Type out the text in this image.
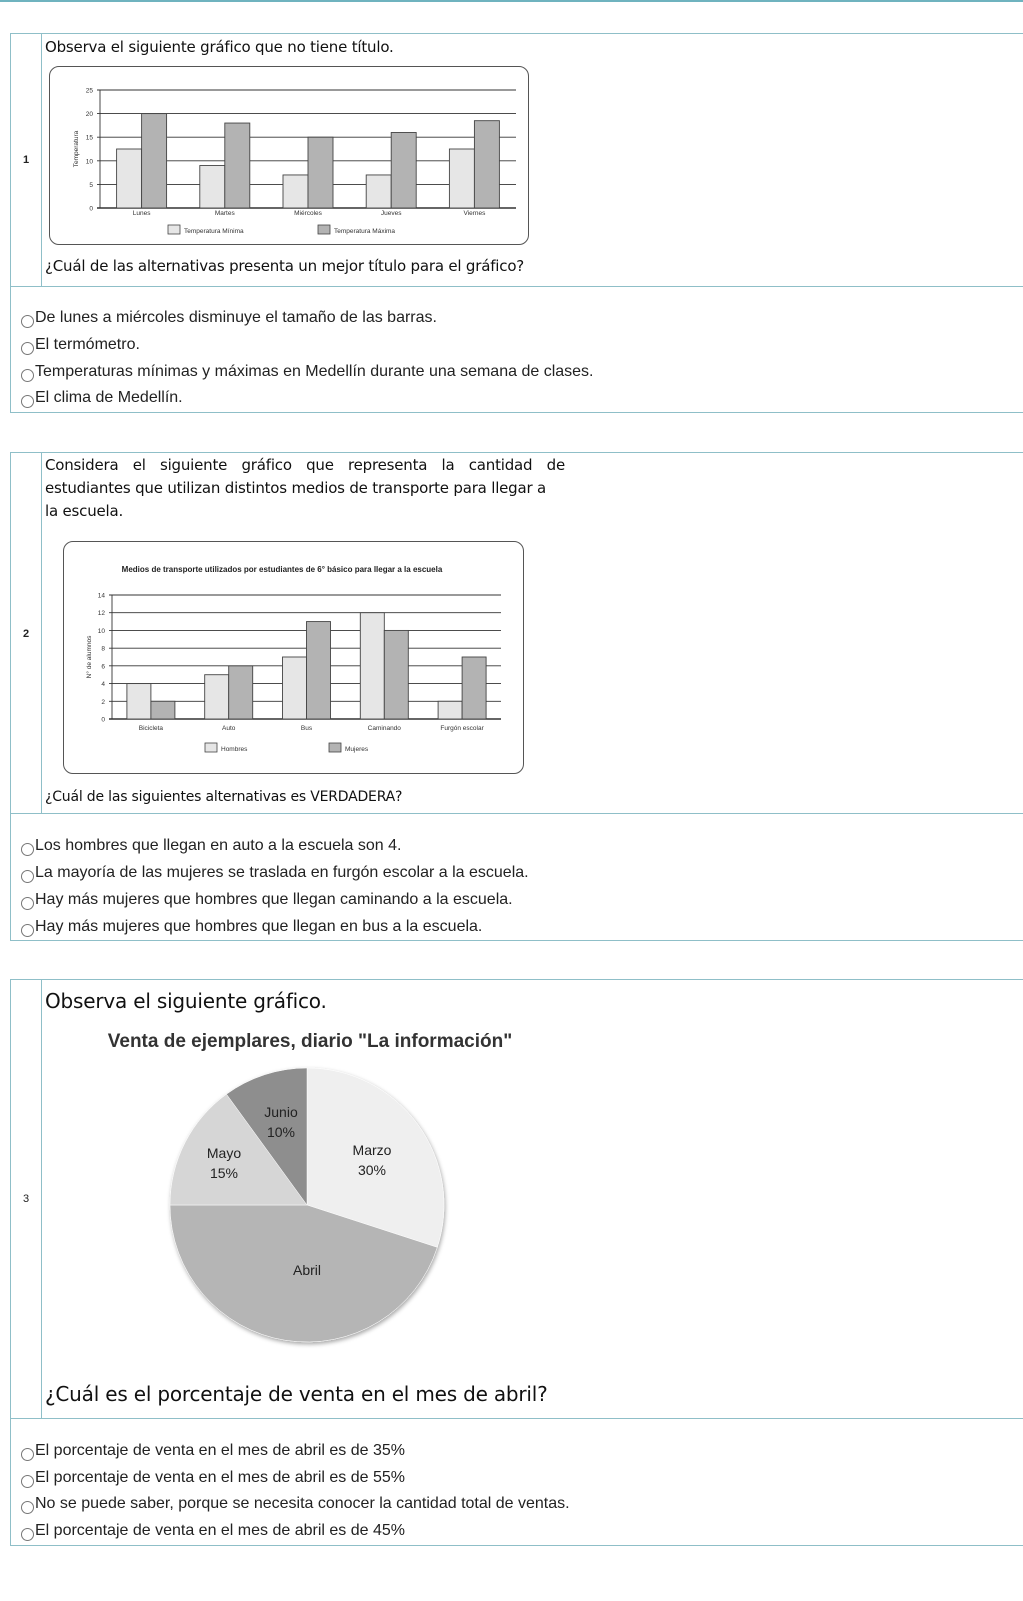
1
Observa el siguiente gráfico que no tiene título.
0
5
10
15
20
25
Temperatura
Lunes	Martes	Miércoles	Jueves	Viernes
Temperatura Mínima	Temperatura Máxima
¿Cuál de las alternativas presenta un mejor título para el gráfico?
De lunes a miércoles disminuye el tamaño de las barras.
El termómetro.
Temperaturas mínimas y máximas en Medellín durante una semana de clases.
El clima de Medellín.
2
Considera el siguiente gráfico que representa la cantidad de
estudiantes que utilizan distintos medios de transporte para llegar a
la escuela.
Medios de transporte utilizados por estudiantes de 6° básico para llegar a la escuela
0
2
4
6
8
10
12
14
N° de alumnos
Bicicleta	Auto	Bus	Caminando	Furgón escolar
Hombres	Mujeres
¿Cuál de las siguientes alternativas es VERDADERA?
Los hombres que llegan en auto a la escuela son 4.
La mayoría de las mujeres se traslada en furgón escolar a la escuela.
Hay más mujeres que hombres que llegan caminando a la escuela.
Hay más mujeres que hombres que llegan en bus a la escuela.
3
Observa el siguiente gráfico.
Venta de ejemplares, diario "La información"
Marzo
30%
Abril
Mayo
15%
Junio
10%
¿Cuál es el porcentaje de venta en el mes de abril?
El porcentaje de venta en el mes de abril es de 35%
El porcentaje de venta en el mes de abril es de 55%
No se puede saber, porque se necesita conocer la cantidad total de ventas.
El porcentaje de venta en el mes de abril es de 45%
